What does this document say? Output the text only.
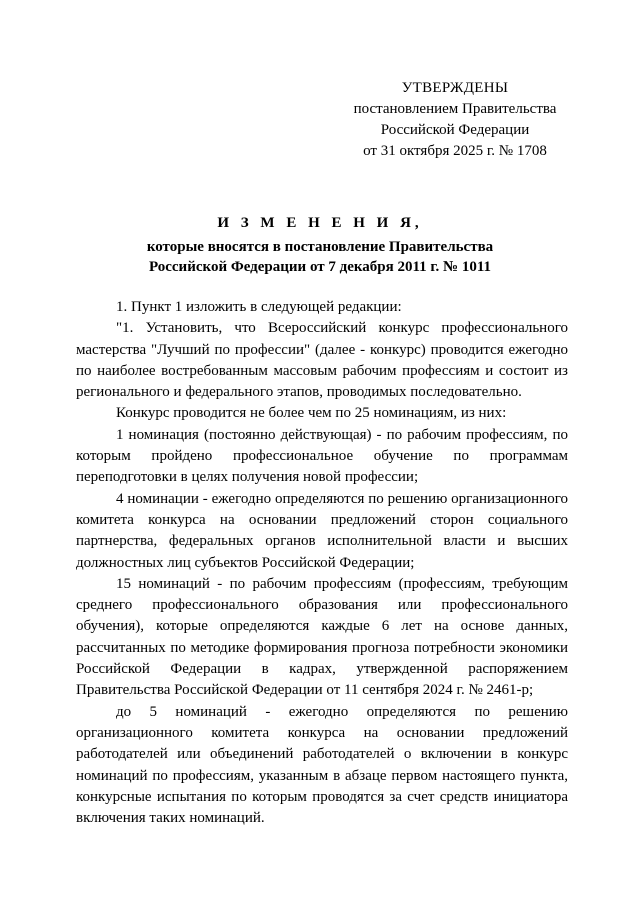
УТВЕРЖДЕНЫ
постановлением Правительства
Российской Федерации
от 31 октября 2025 г. № 1708
И З М Е Н Е Н И Я,
которые вносятся в постановление Правительства
Российской Федерации от 7 декабря 2011 г. № 1011

1. Пункт 1 изложить в следующей редакции:

"1. Установить, что Всероссийский конкурс профессионального мастерства "Лучший по профессии" (далее - конкурс) проводится ежегодно по наиболее востребованным массовым рабочим профессиям и состоит из регионального и федерального этапов, проводимых последовательно.

Конкурс проводится не более чем по 25 номинациям, из них:

1 номинация (постоянно действующая) - по рабочим профессиям, по которым пройдено профессиональное обучение по программам переподготовки в целях получения новой профессии;

4 номинации - ежегодно определяются по решению организационного комитета конкурса на основании предложений сторон социального партнерства, федеральных органов исполнительной власти и высших должностных лиц субъектов Российской Федерации;

15 номинаций - по рабочим профессиям (профессиям, требующим среднего профессионального образования или профессионального обучения), которые определяются каждые 6 лет на основе данных, рассчитанных по методике формирования прогноза потребности экономики Российской Федерации в кадрах, утвержденной распоряжением Правительства Российской Федерации от 11 сентября 2024 г. № 2461-р;

до 5 номинаций - ежегодно определяются по решению организационного комитета конкурса на основании предложений работодателей или объединений работодателей о включении в конкурс номинаций по профессиям, указанным в абзаце первом настоящего пункта, конкурсные испытания по которым проводятся за счет средств инициатора включения таких номинаций.
